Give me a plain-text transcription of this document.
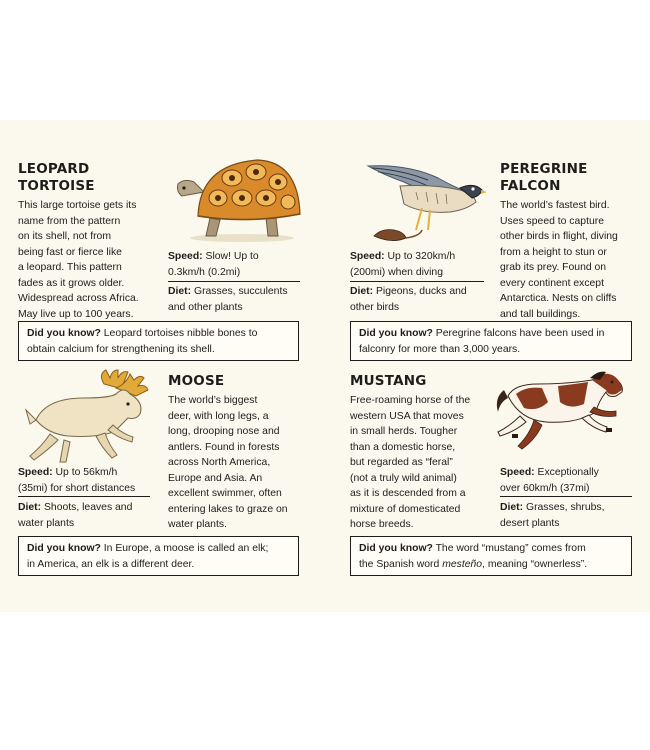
LEOPARD
TORTOISE
This large tortoise gets its
name from the pattern
on its shell, not from
being fast or fierce like
a leopard. This pattern
fades as it grows older.
Widespread across Africa.
May live up to 100 years.
Speed: Slow! Up to
0.3km/h (0.2mi)
Diet: Grasses, succulents
and other plants
Did you know? Leopard tortoises nibble bones to
obtain calcium for strengthening its shell.
PEREGRINE
FALCON
The world’s fastest bird.
Uses speed to capture
other birds in flight, diving
from a height to stun or
grab its prey. Found on
every continent except
Antarctica. Nests on cliffs
and tall buildings.
Speed: Up to 320km/h
(200mi) when diving
Diet: Pigeons, ducks and
other birds
Did you know? Peregrine falcons have been used in
falconry for more than 3,000 years.
MOOSE
The world’s biggest
deer, with long legs, a
long, drooping nose and
antlers. Found in forests
across North America,
Europe and Asia. An
excellent swimmer, often
entering lakes to graze on
water plants.
Speed: Up to 56km/h
(35mi) for short distances
Diet: Shoots, leaves and
water plants
Did you know? In Europe, a moose is called an elk;
in America, an elk is a different deer.
MUSTANG
Free-roaming horse of the
western USA that moves
in small herds. Tougher
than a domestic horse,
but regarded as “feral”
(not a truly wild animal)
as it is descended from a
mixture of domesticated
horse breeds.
Speed: Exceptionally
over 60km/h (37mi)
Diet: Grasses, shrubs,
desert plants
Did you know? The word “mustang” comes from
the Spanish word mesteño, meaning “ownerless”.
